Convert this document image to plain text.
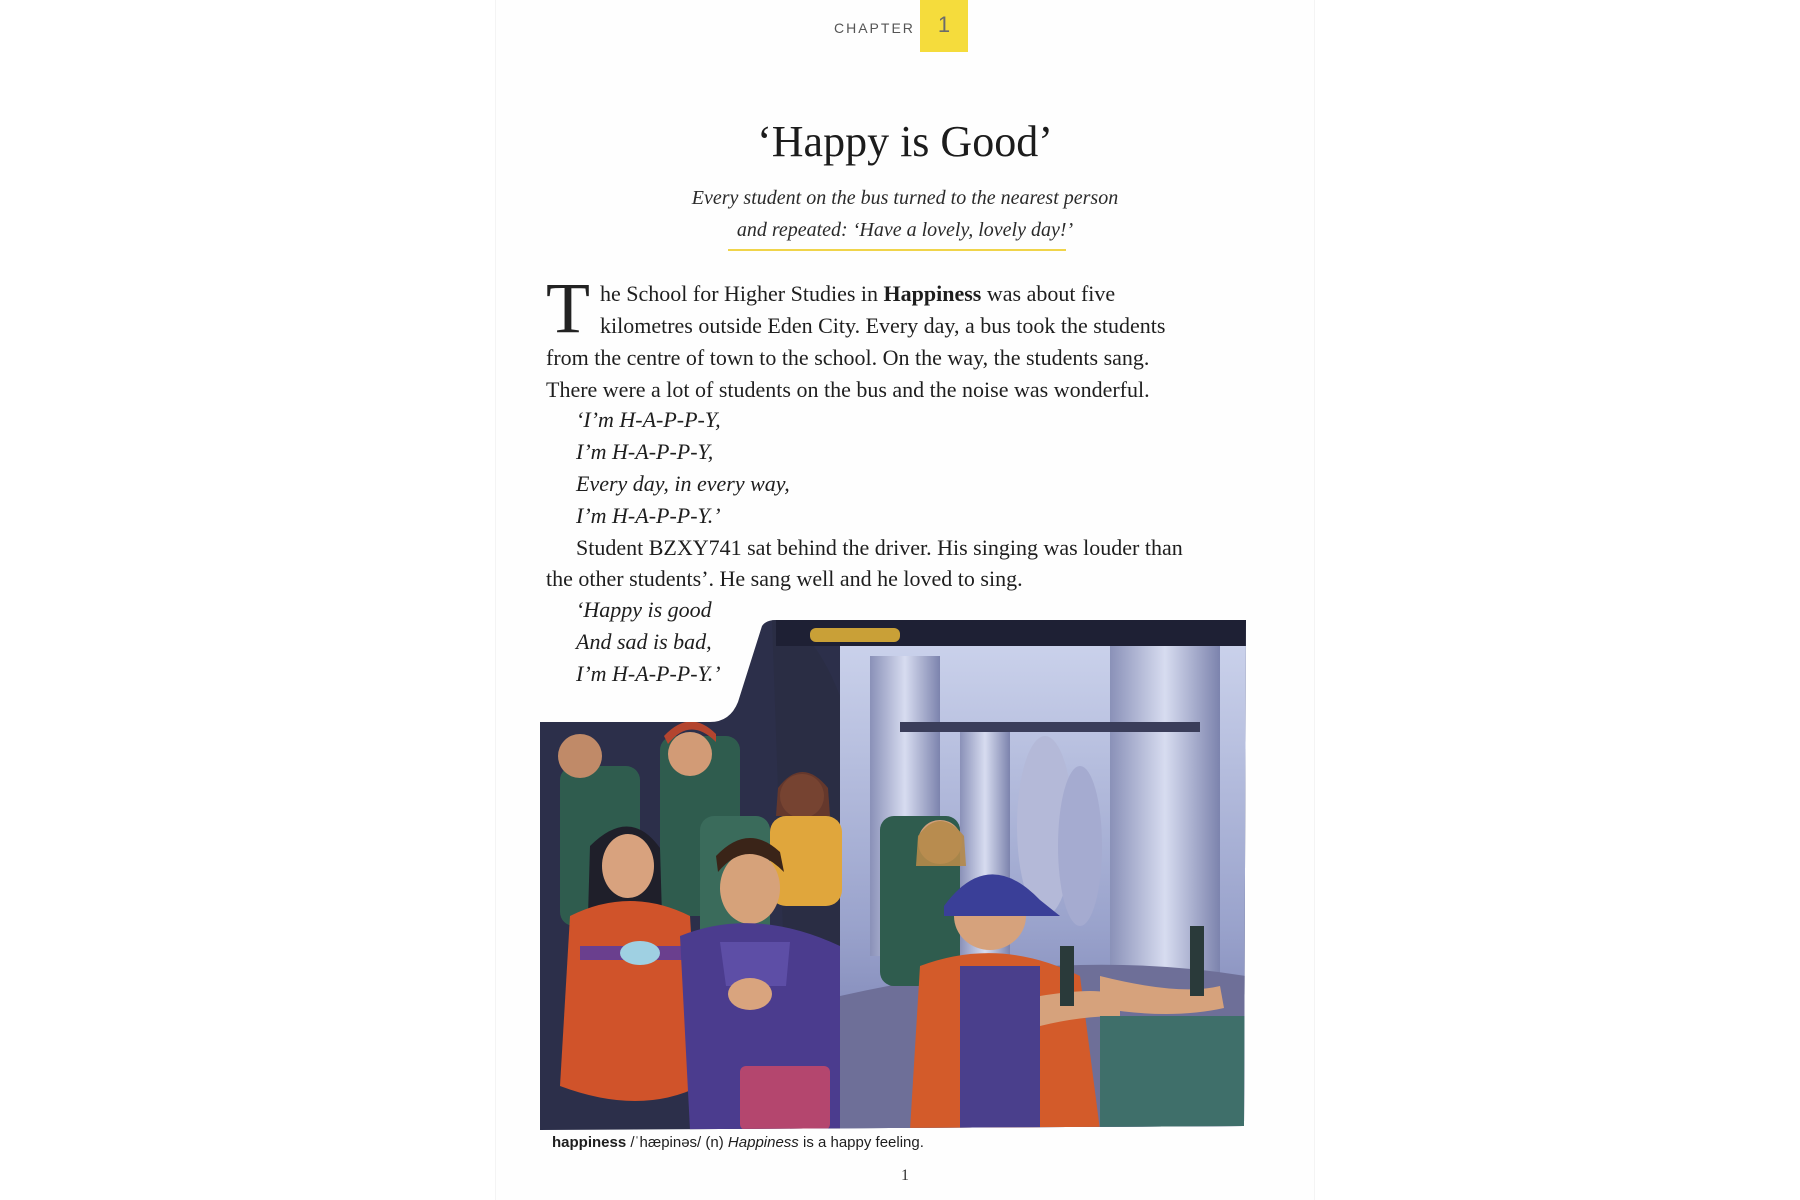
CHAPTER	1
‘Happy is Good’
Every student on the bus turned to the nearest person
and repeated: ‘Have a lovely, lovely day!’
T he School for Higher Studies in Happiness was about five
kilometres outside Eden City. Every day, a bus took the students
from the centre of town to the school. On the way, the students sang.
There were a lot of students on the bus and the noise was wonderful.
‘I’m H-A-P-P-Y,
I’m H-A-P-P-Y,
Every day, in every way,
I’m H-A-P-P-Y.’
Student BZXY741 sat behind the driver. His singing was louder than
the other students’. He sang well and he loved to sing.
‘Happy is good
And sad is bad,
I’m H-A-P-P-Y.’
happiness /ˈhæpinəs/ (n) Happiness is a happy feeling.
1
